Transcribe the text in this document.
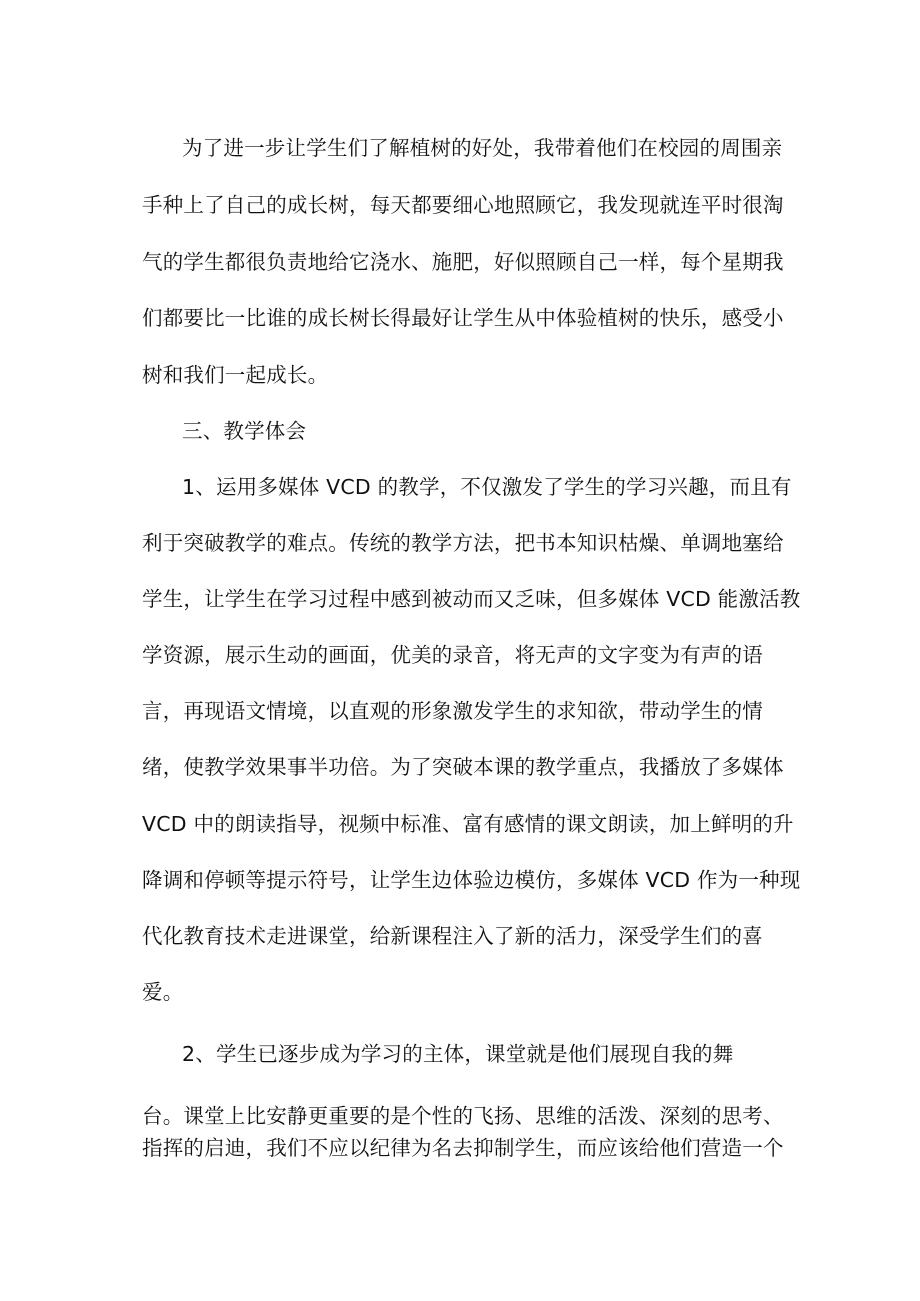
为了进一步让学生们了解植树的好处，我带着他们在校园的周围亲
手种上了自己的成长树，每天都要细心地照顾它，我发现就连平时很淘
气的学生都很负责地给它浇水、施肥，好似照顾自己一样，每个星期我
们都要比一比谁的成长树长得最好让学生从中体验植树的快乐，感受小
树和我们一起成长。
三、教学体会
1、运用多媒体 VCD 的教学，不仅激发了学生的学习兴趣，而且有
利于突破教学的难点。传统的教学方法，把书本知识枯燥、单调地塞给
学生，让学生在学习过程中感到被动而又乏味，但多媒体 VCD 能激活教
学资源，展示生动的画面，优美的录音，将无声的文字变为有声的语
言，再现语文情境，以直观的形象激发学生的求知欲，带动学生的情
绪，使教学效果事半功倍。为了突破本课的教学重点，我播放了多媒体
VCD 中的朗读指导，视频中标准、富有感情的课文朗读，加上鲜明的升
降调和停顿等提示符号，让学生边体验边模仿，多媒体 VCD 作为一种现
代化教育技术走进课堂，给新课程注入了新的活力，深受学生们的喜
爱。
2、学生已逐步成为学习的主体，课堂就是他们展现自我的舞
台。课堂上比安静更重要的是个性的飞扬、思维的活泼、深刻的思考、
指挥的启迪，我们不应以纪律为名去抑制学生，而应该给他们营造一个
